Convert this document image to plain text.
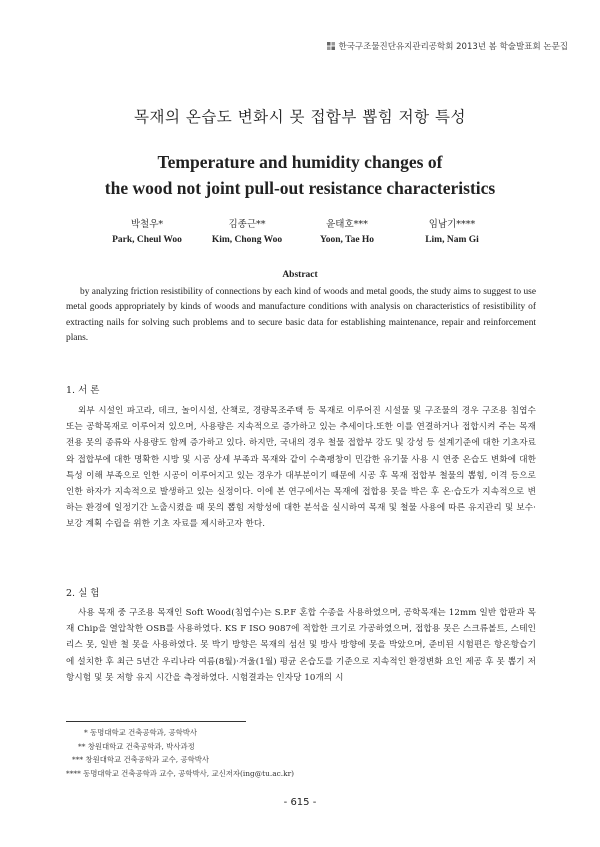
한국구조물진단유지관리공학회 2013년 봄 학술발표회 논문집
목재의 온습도 변화시 못 접합부 뽑힘 저항 특성
Temperature and humidity changes of
the wood not joint pull-out resistance characteristics
박철우*
Park, Cheul Woo
김종근**
Kim, Chong Woo
윤태호***
Yoon, Tae Ho
임남기****
Lim, Nam Gi
Abstract
by analyzing friction resistibility of connections by each kind of woods and metal goods, the study aims to suggest to use metal goods appropriately by kinds of woods and manufacture conditions with analysis on characteristics of resistibility of extracting nails for solving such problems and to secure basic data for establishing maintenance, repair and reinforcement plans.
1. 서 론
외부 시설인 파고라, 데크, 놀이시설, 산책로, 경량목조주택 등 목재로 이루어진 시설물 및 구조물의 경우 구조용 침엽수 또는 공학목재로 이루어져 있으며, 사용량은 지속적으로 증가하고 있는 추세이다.또한 이를 연결하거나 접합시켜 주는 목재 전용 못의 종류와 사용량도 함께 증가하고 있다. 하지만, 국내의 경우 철물 접합부 강도 및 강성 등 설계기준에 대한 기초자료와 접합부에 대한 명확한 시방 및 시공 상세 부족과 목재와 같이 수축팽창이 민감한 유기물 사용 시 연중 온습도 변화에 대한 특성 이해 부족으로 인한 시공이 이루어지고 있는 경우가 대부분이기 때문에 시공 후 목재 접합부 철물의 뽑힘, 이격 등으로 인한 하자가 지속적으로 발생하고 있는 실정이다. 이에 본 연구에서는 목재에 접합용 못을 박은 후 온·습도가 지속적으로 변하는 환경에 일정기간 노출시켰을 때 못의 뽑힘 저항성에 대한 분석을 실시하여 목재 및 철물 사용에 따른 유지관리 및 보수·보강 계획 수립을 위한 기초 자료를 제시하고자 한다.
2. 실 험
사용 목재 중 구조용 목재인 Soft Wood(침엽수)는 S.P.F 혼합 수종을 사용하였으며, 공학목재는 12mm 일반 합판과 목재 Chip을 열압착한 OSB를 사용하였다. KS F ISO 9087에 적합한 크기로 가공하였으며, 접합용 못은 스크류볼트, 스테인리스 못, 일반 철 못을 사용하였다. 못 박기 방향은 목재의 섬선 및 방사 방향에 못을 박았으며, 준비된 시험편은 항온항습기에 설치한 후 최근 5년간 우리나라 여름(8월)·겨울(1월) 평균 온습도를 기준으로 지속적인 환경변화 요인 제공 후 못 뽑기 저항시험 및 못 저항 유지 시간을 측정하였다. 시험결과는 인자당 10개의 시
* 동명대학교 건축공학과, 공학박사
** 창원대학교 건축공학과, 박사과정
*** 창원대학교 건축공학과 교수, 공학박사
**** 동명대학교 건축공학과 교수, 공학박사, 교신저자(ing@tu.ac.kr)
- 615 -
